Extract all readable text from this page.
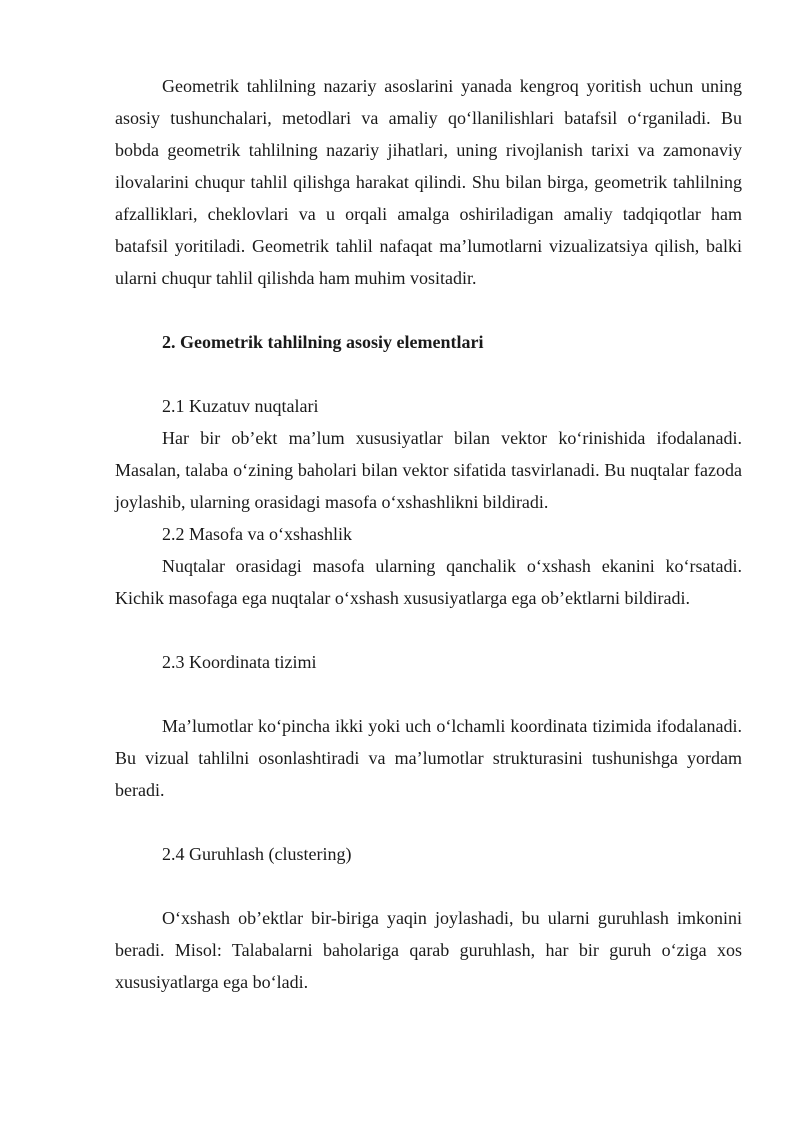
Geometrik tahlilning nazariy asoslarini yanada kengroq yoritish uchun uning asosiy tushunchalari, metodlari va amaliy qo‘llanilishlari batafsil o‘rganiladi. Bu bobda geometrik tahlilning nazariy jihatlari, uning rivojlanish tarixi va zamonaviy ilovalarini chuqur tahlil qilishga harakat qilindi. Shu bilan birga, geometrik tahlilning afzalliklari, cheklovlari va u orqali amalga oshiriladigan amaliy tadqiqotlar ham batafsil yoritiladi. Geometrik tahlil nafaqat ma’lumotlarni vizualizatsiya qilish, balki ularni chuqur tahlil qilishda ham muhim vositadir.

2. Geometrik tahlilning asosiy elementlari

2.1 Kuzatuv nuqtalari

Har bir ob’ekt ma’lum xususiyatlar bilan vektor ko‘rinishida ifodalanadi. Masalan, talaba o‘zining baholari bilan vektor sifatida tasvirlanadi. Bu nuqtalar fazoda joylashib, ularning orasidagi masofa o‘xshashlikni bildiradi.

2.2 Masofa va o‘xshashlik

Nuqtalar orasidagi masofa ularning qanchalik o‘xshash ekanini ko‘rsatadi. Kichik masofaga ega nuqtalar o‘xshash xususiyatlarga ega ob’ektlarni bildiradi.

2.3 Koordinata tizimi

Ma’lumotlar ko‘pincha ikki yoki uch o‘lchamli koordinata tizimida ifodalanadi. Bu vizual tahlilni osonlashtiradi va ma’lumotlar strukturasini tushunishga yordam beradi.

2.4 Guruhlash (clustering)

O‘xshash ob’ektlar bir-biriga yaqin joylashadi, bu ularni guruhlash imkonini beradi. Misol: Talabalarni baholariga qarab guruhlash, har bir guruh o‘ziga xos xususiyatlarga ega bo‘ladi.
